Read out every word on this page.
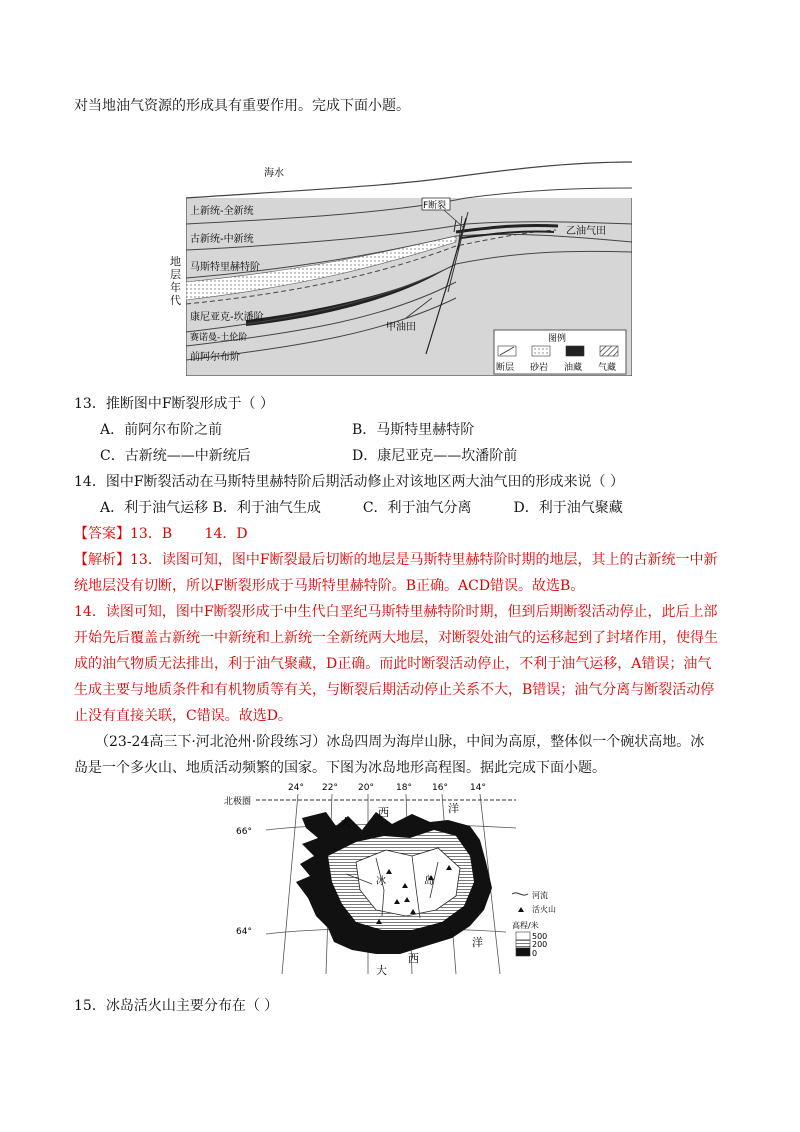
对当地油气资源的形成具有重要作用。完成下面小题。
海水
上新统-全新统
古新统-中新统
马斯特里赫特阶
康尼亚克-坎潘阶
赛诺曼-土伦阶
前阿尔布阶
F断裂
乙油气田
甲油田
图例
断层 砂岩 油藏 气藏
地
层
年
代
13．推断图中F断裂形成于（ ）
A．前阿尔布阶之前	B．马斯特里赫特阶
C．古新统——中新统后	D．康尼亚克——坎潘阶前
14．图中F断裂活动在马斯特里赫特阶后期活动修止对该地区两大油气田的形成来说（ ）
A．利于油气运移 B．利于油气生成　　　C．利于油气分离　　　D．利于油气聚藏
【答案】13．B　　 14．D
【解析】13．读图可知，图中F断裂最后切断的地层是马斯特里赫特阶时期的地层，其上的古新统一中新
统地层没有切断，所以F断裂形成于马斯特里赫特阶。B正确。ACD错误。故选B。
14．读图可知，图中F断裂形成于中生代白垩纪马斯特里赫特阶时期，但到后期断裂活动停止，此后上部
开始先后覆盖古新统一中新统和上新统一全新统两大地层，对断裂处油气的运移起到了封堵作用，使得生
成的油气物质无法排出，利于油气聚藏，D正确。而此时断裂活动停止，不利于油气运移，A错误；油气
生成主要与地质条件和有机物质等有关，与断裂后期活动停止关系不大，B错误；油气分离与断裂活动停
止没有直接关联，C错误。故选D。
　　（23-24高三下·河北沧州·阶段练习）冰岛四周为海岸山脉，中间为高原，整体似一个碗状高地。冰
岛是一个多火山、地质活动频繁的国家。下图为冰岛地形高程图。据此完成下面小题。
北极圈
24° 22° 20° 18° 16° 14°
66°
64°
大
西	洋
大
西
洋
冰	岛
河流
活火山
高程/米
500
200
0
15．冰岛活火山主要分布在（ ）
